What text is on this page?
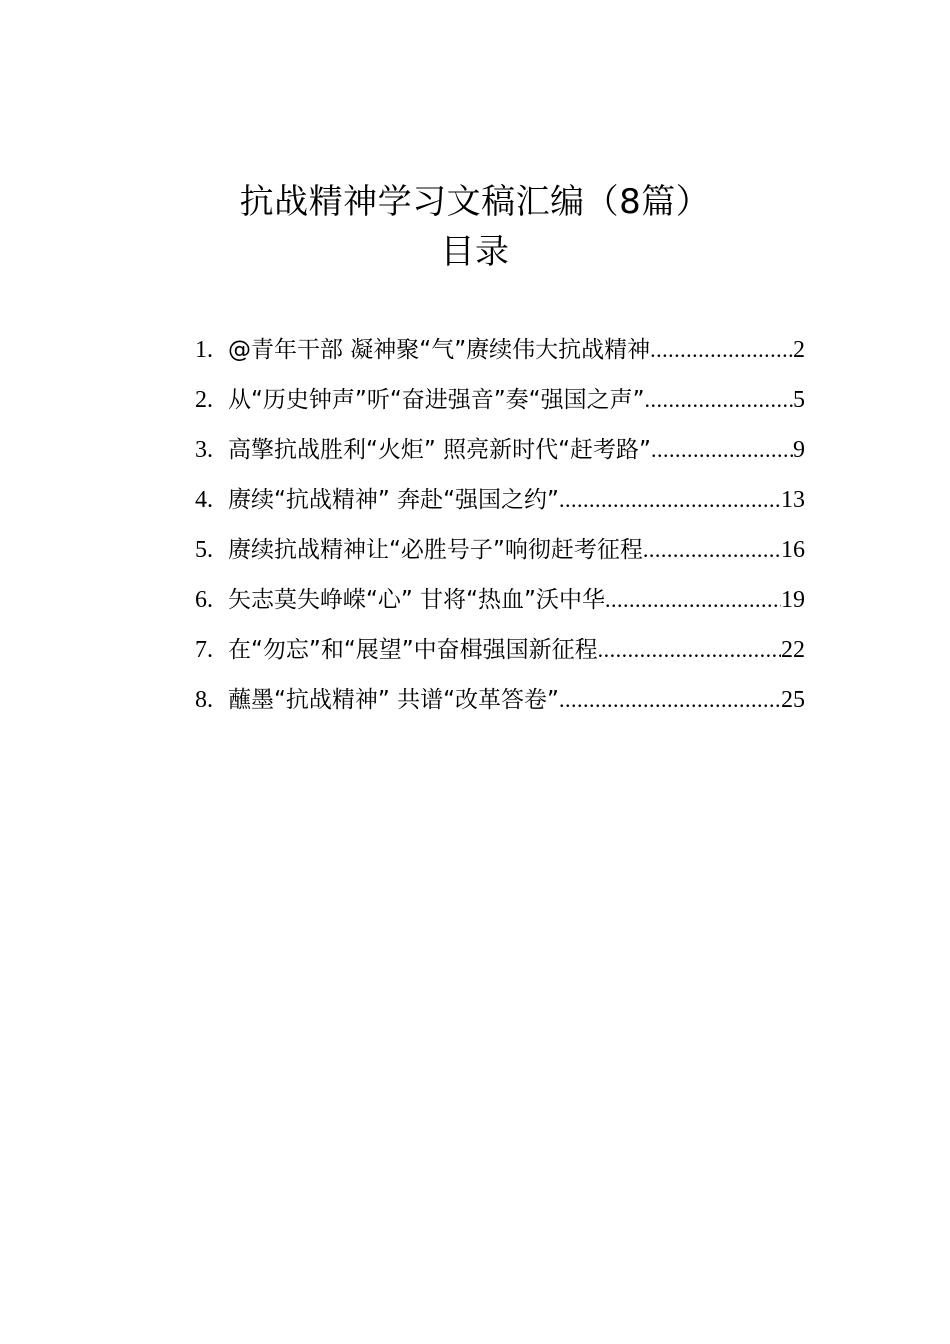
抗战精神学习文稿汇编（8篇）
目录
1. @青年干部 凝神聚“气”赓续伟大抗战精神 .....	2
2. 从“历史钟声”听“奋进强音”奏“强国之声” .....	5
3. 高擎抗战胜利“火炬” 照亮新时代“赶考路” .....	9
4. 赓续“抗战精神” 奔赴“强国之约” .....	13
5. 赓续抗战精神让“必胜号子”响彻赶考征程 .....	16
6. 矢志莫失峥嵘“心” 甘将“热血”沃中华 .....	19
7. 在“勿忘”和“展望”中奋楫强国新征程 .....	22
8. 蘸墨“抗战精神” 共谱“改革答卷” .....	25
